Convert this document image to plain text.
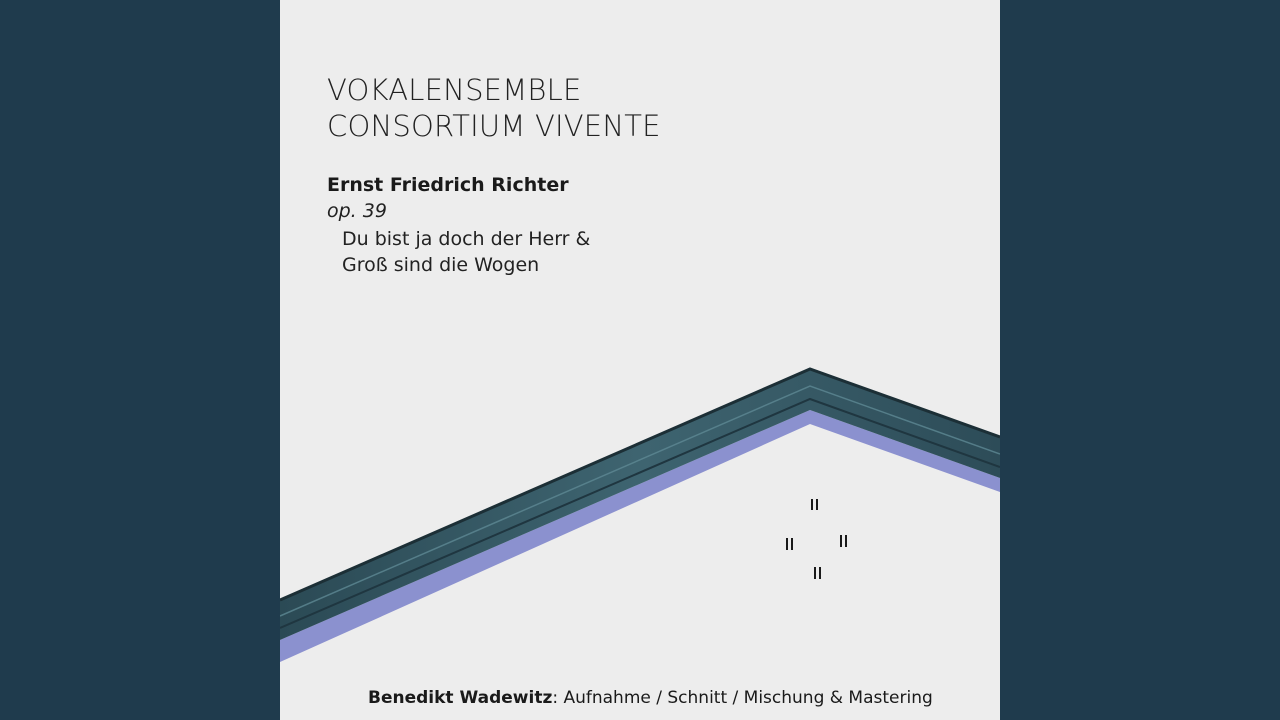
VOKALENSEMBLE
CONSORTIUM VIVENTE
Ernst Friedrich Richter
op. 39
Du bist ja doch der Herr &
Groß sind die Wogen
Benedikt Wadewitz: Aufnahme / Schnitt / Mischung & Mastering
